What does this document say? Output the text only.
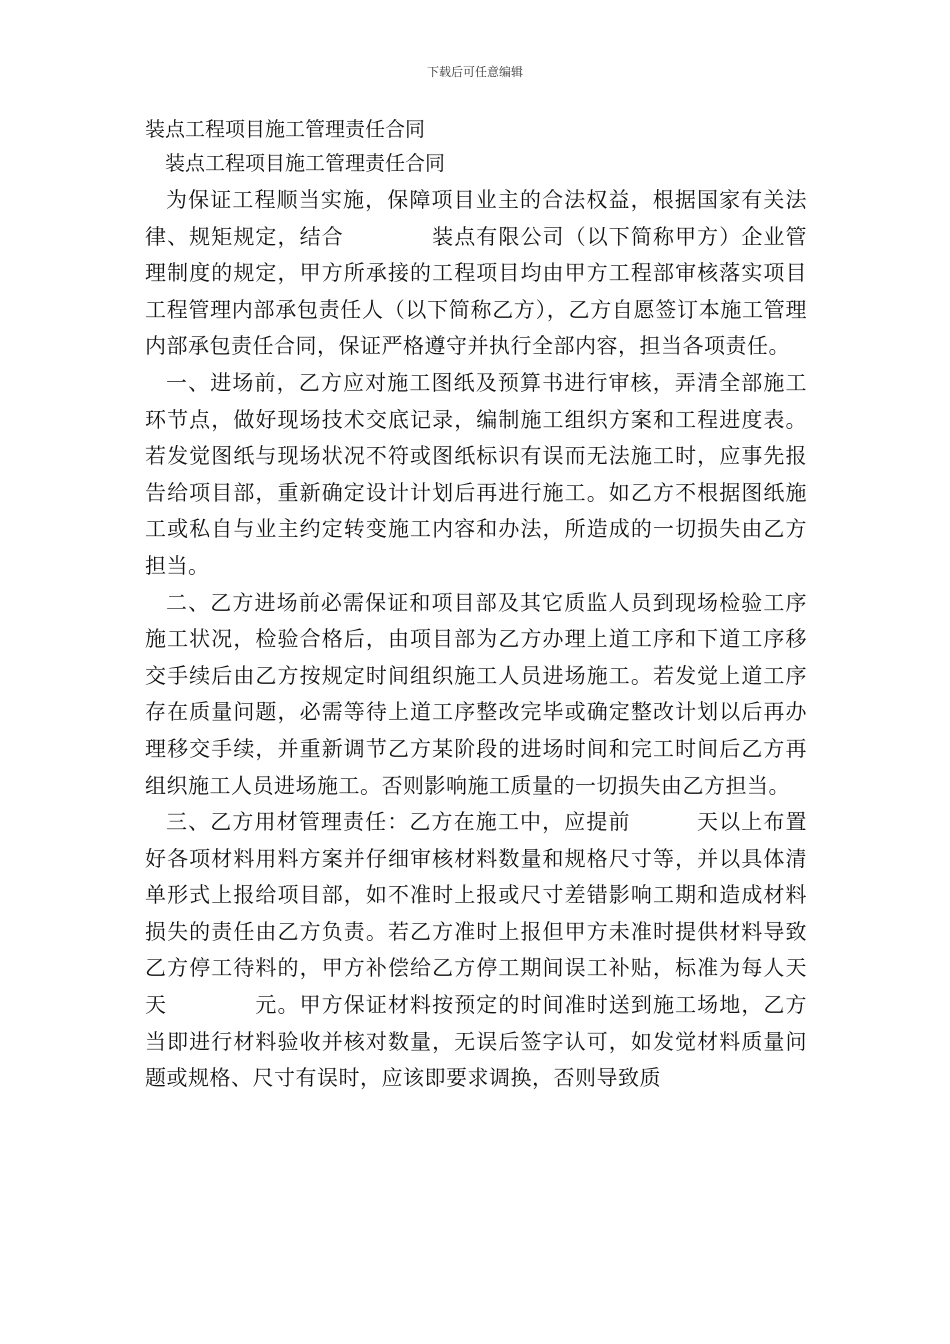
下载后可任意编辑

装点工程项目施工管理责任合同

装点工程项目施工管理责任合同

为保证工程顺当实施，保障项目业主的合法权益，根据国家有关法律、规矩规定，结合　　　　装点有限公司（以下简称甲方）企业管理制度的规定，甲方所承接的工程项目均由甲方工程部审核落实项目工程管理内部承包责任人（以下简称乙方），乙方自愿签订本施工管理内部承包责任合同，保证严格遵守并执行全部内容，担当各项责任。

一、进场前，乙方应对施工图纸及预算书进行审核，弄清全部施工环节点，做好现场技术交底记录，编制施工组织方案和工程进度表。若发觉图纸与现场状况不符或图纸标识有误而无法施工时，应事先报告给项目部，重新确定设计计划后再进行施工。如乙方不根据图纸施工或私自与业主约定转变施工内容和办法，所造成的一切损失由乙方担当。

二、乙方进场前必需保证和项目部及其它质监人员到现场检验工序施工状况，检验合格后，由项目部为乙方办理上道工序和下道工序移交手续后由乙方按规定时间组织施工人员进场施工。若发觉上道工序存在质量问题，必需等待上道工序整改完毕或确定整改计划以后再办理移交手续，并重新调节乙方某阶段的进场时间和完工时间后乙方再组织施工人员进场施工。否则影响施工质量的一切损失由乙方担当。

三、乙方用材管理责任：乙方在施工中，应提前　　　天以上布置好各项材料用料方案并仔细审核材料数量和规格尺寸等，并以具体清单形式上报给项目部，如不准时上报或尺寸差错影响工期和造成材料损失的责任由乙方负责。若乙方准时上报但甲方未准时提供材料导致乙方停工待料的，甲方补偿给乙方停工期间误工补贴，标准为每人天天　　　　元。甲方保证材料按预定的时间准时送到施工场地，乙方当即进行材料验收并核对数量，无误后签字认可，如发觉材料质量问题或规格、尺寸有误时，应该即要求调换，否则导致质
